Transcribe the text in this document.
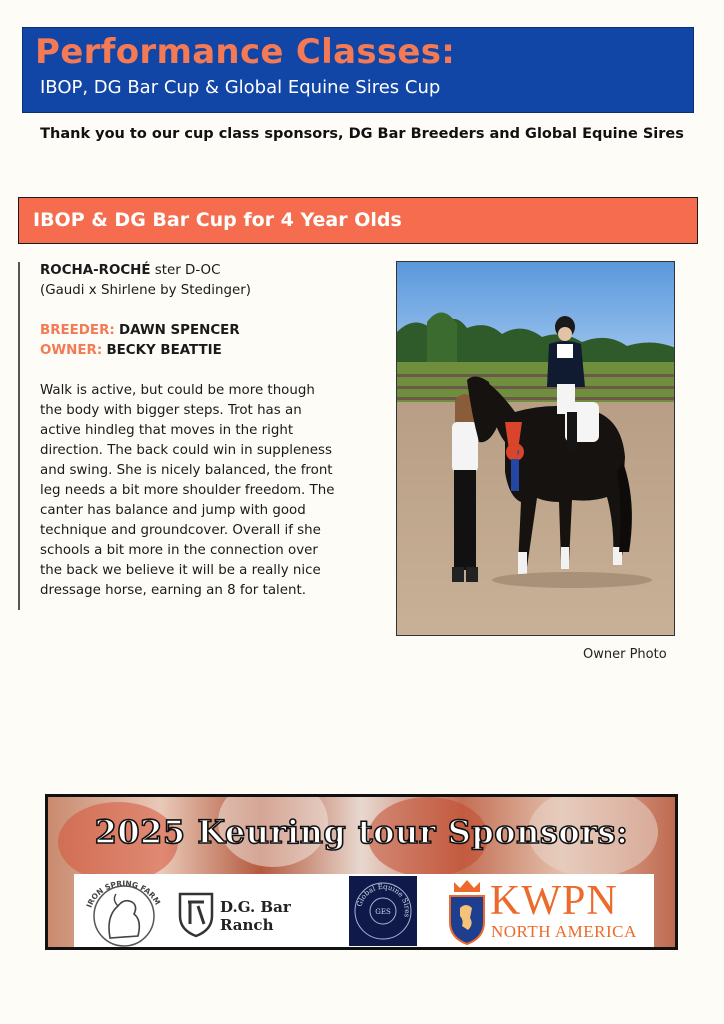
Performance Classes:
IBOP, DG Bar Cup & Global Equine Sires Cup
Thank you to our cup class sponsors, DG Bar Breeders and Global Equine Sires
IBOP & DG Bar Cup for 4 Year Olds

ROCHA-ROCHÉ ster D-OC
(Gaudi x Shirlene by Stedinger)

BREEDER: DAWN SPENCER
OWNER: BECKY BEATTIE

Walk is active, but could be more though the body with bigger steps. Trot has an active hindleg that moves in the right direction. The back could win in suppleness and swing. She is nicely balanced, the front leg needs a bit more shoulder freedom. The canter has balance and jump with good technique and groundcover. Overall if she schools a bit more in the connection over the back we believe it will be a really nice dressage horse, earning an 8 for talent.

Owner Photo
2025 Keuring tour Sponsors:
IRON SPRING FARM	D.G. Bar Ranch
GES
Global Equine Sires KWPN
NORTH AMERICA
